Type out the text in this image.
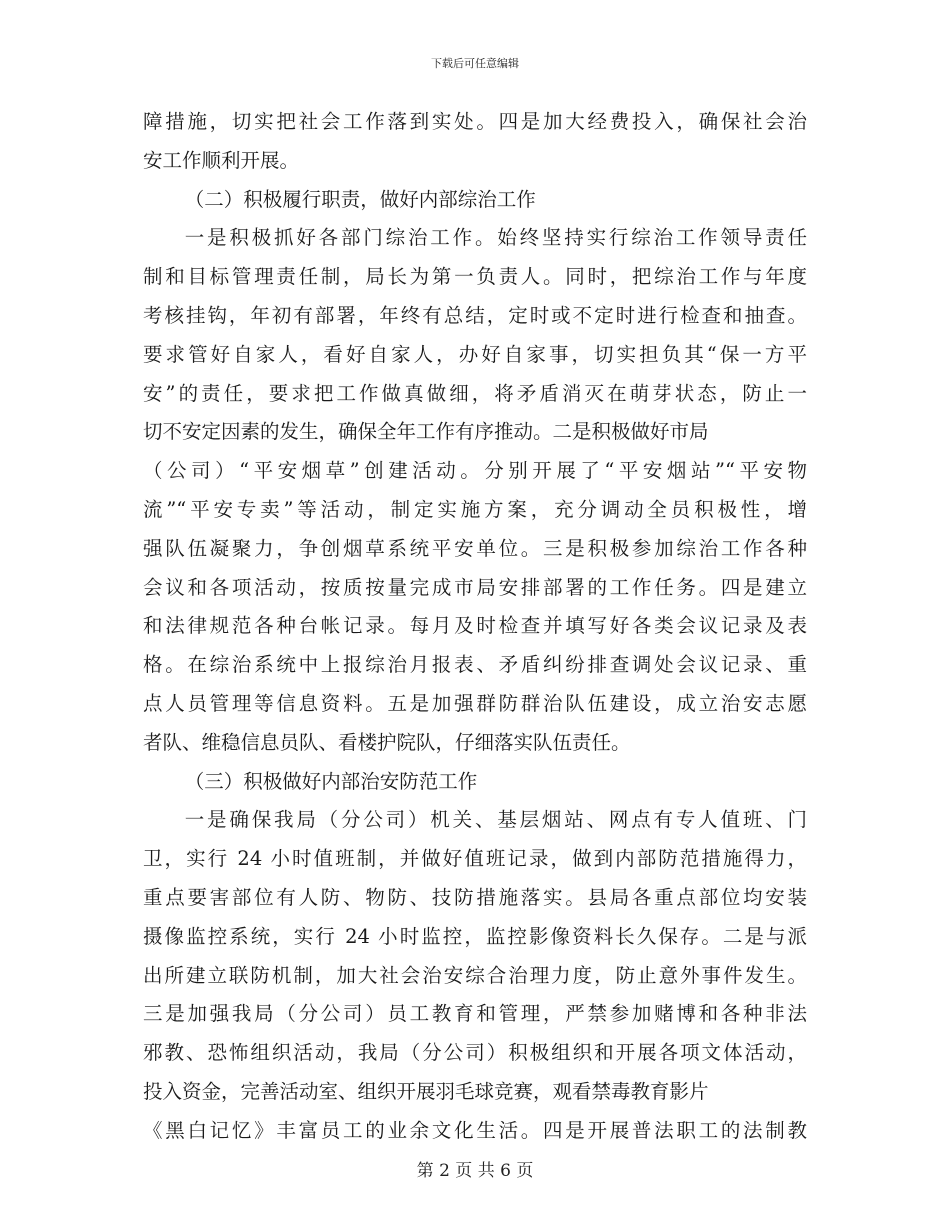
下载后可任意编辑
障措施，切实把社会工作落到实处。四是加大经费投入，确保社会治
安工作顺利开展。
（二）积极履行职责，做好内部综治工作
一是积极抓好各部门综治工作。始终坚持实行综治工作领导责任
制和目标管理责任制，局长为第一负责人。同时，把综治工作与年度
考核挂钩，年初有部署，年终有总结，定时或不定时进行检查和抽查。
要求管好自家人，看好自家人，办好自家事，切实担负其“保一方平
安”的责任，要求把工作做真做细，将矛盾消灭在萌芽状态，防止一
切不安定因素的发生，确保全年工作有序推动。二是积极做好市局
（公司）“平安烟草”创建活动。分别开展了“平安烟站”“平安物
流”“平安专卖”等活动，制定实施方案，充分调动全员积极性，增
强队伍凝聚力，争创烟草系统平安单位。三是积极参加综治工作各种
会议和各项活动，按质按量完成市局安排部署的工作任务。四是建立
和法律规范各种台帐记录。每月及时检查并填写好各类会议记录及表
格。在综治系统中上报综治月报表、矛盾纠纷排查调处会议记录、重
点人员管理等信息资料。五是加强群防群治队伍建设，成立治安志愿
者队、维稳信息员队、看楼护院队，仔细落实队伍责任。
（三）积极做好内部治安防范工作
一是确保我局（分公司）机关、基层烟站、网点有专人值班、门
卫，实行 24 小时值班制，并做好值班记录，做到内部防范措施得力，
重点要害部位有人防、物防、技防措施落实。县局各重点部位均安装
摄像监控系统，实行 24 小时监控，监控影像资料长久保存。二是与派
出所建立联防机制，加大社会治安综合治理力度，防止意外事件发生。
三是加强我局（分公司）员工教育和管理，严禁参加赌博和各种非法
邪教、恐怖组织活动，我局（分公司）积极组织和开展各项文体活动，
投入资金，完善活动室、组织开展羽毛球竞赛，观看禁毒教育影片
《黑白记忆》丰富员工的业余文化生活。四是开展普法职工的法制教
第 2 页 共 6 页
